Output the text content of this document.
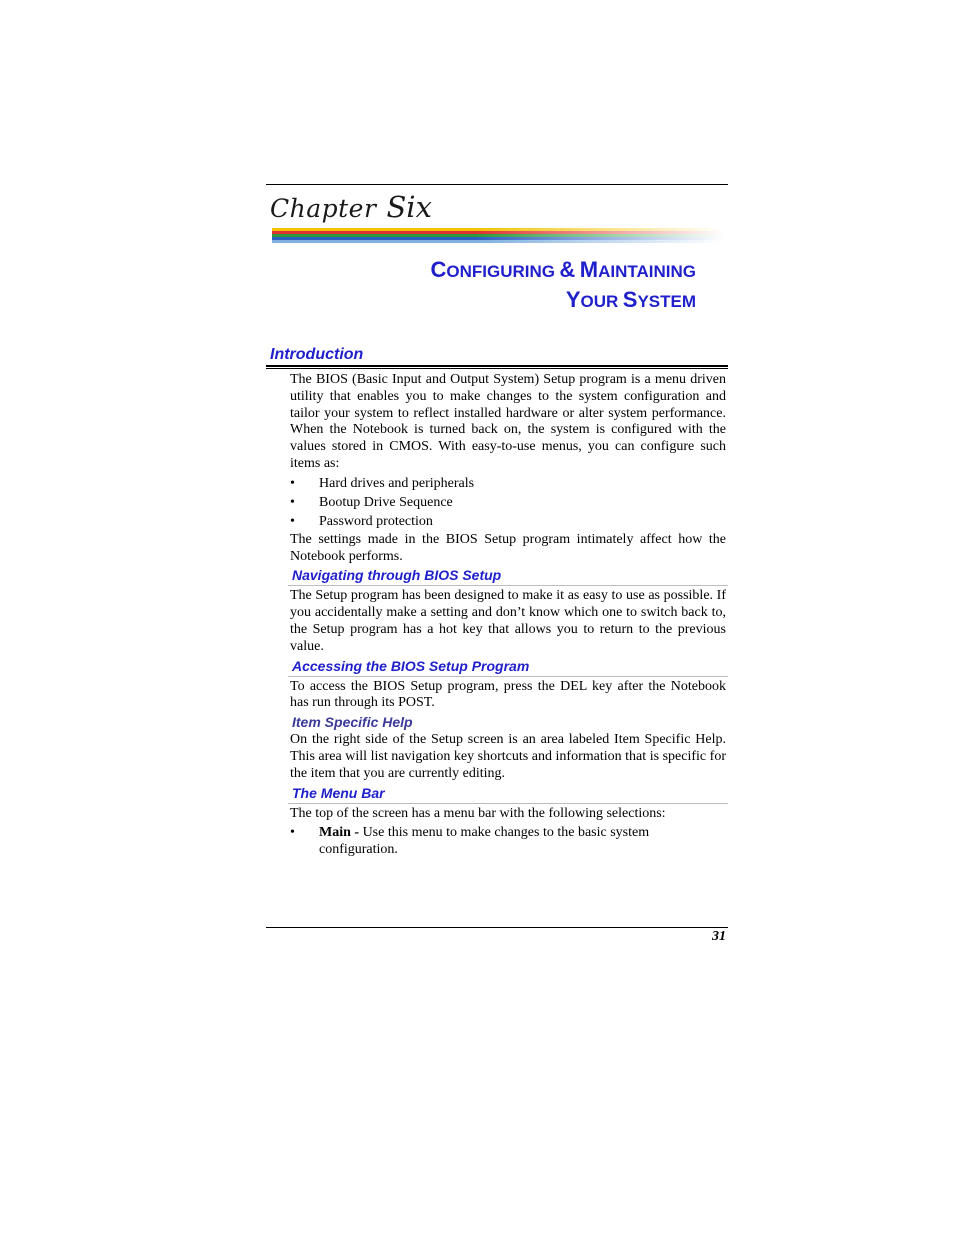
Chapter Six
CONFIGURING & MAINTAINING
YOUR SYSTEM
Introduction

The BIOS (Basic Input and Output System) Setup program is a menu driven utility that enables you to make changes to the system configuration and tailor your system to reflect installed hardware or alter system performance. When the Notebook is turned back on, the system is configured with the values stored in CMOS. With easy-to-use menus, you can configure such items as:

• Hard drives and peripherals
• Bootup Drive Sequence
• Password protection

The settings made in the BIOS Setup program intimately affect how the Notebook performs.

Navigating through BIOS Setup

The Setup program has been designed to make it as easy to use as possible. If you accidentally make a setting and don’t know which one to switch back to, the Setup program has a hot key that allows you to return to the previous value.

Accessing the BIOS Setup Program

To access the BIOS Setup program, press the DEL key after the Notebook has run through its POST.

Item Specific Help

On the right side of the Setup screen is an area labeled Item Specific Help. This area will list navigation key shortcuts and information that is specific for the item that you are currently editing.

The Menu Bar

The top of the screen has a menu bar with the following selections:

• Main - Use this menu to make changes to the basic system configuration.
31
